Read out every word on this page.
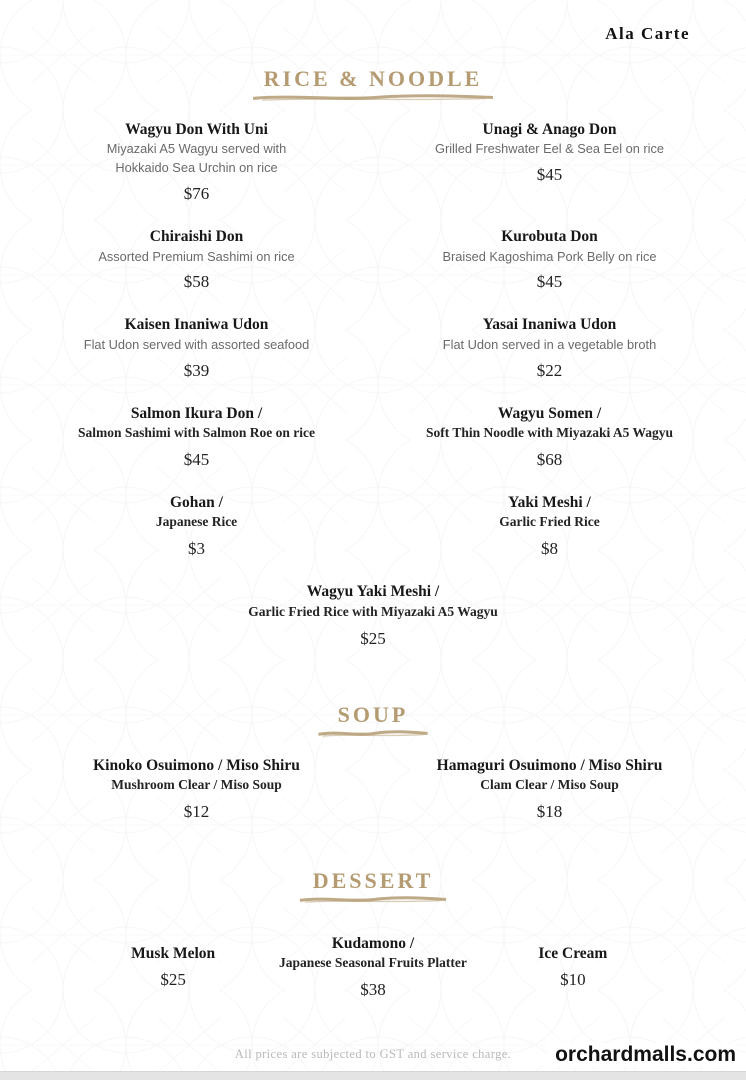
Ala Carte
RICE & NOODLE
Wagyu Don With Uni
Miyazaki A5 Wagyu served with
Hokkaido Sea Urchin on rice
$76
Unagi & Anago Don
Grilled Freshwater Eel & Sea Eel on rice
$45
Chiraishi Don
Assorted Premium Sashimi on rice
$58
Kurobuta Don
Braised Kagoshima Pork Belly on rice
$45
Kaisen Inaniwa Udon
Flat Udon served with assorted seafood
$39
Yasai Inaniwa Udon
Flat Udon served in a vegetable broth
$22
Salmon Ikura Don /
Salmon Sashimi with Salmon Roe on rice
$45
Wagyu Somen /
Soft Thin Noodle with Miyazaki A5 Wagyu
$68
Gohan /
Japanese Rice
$3
Yaki Meshi /
Garlic Fried Rice
$8
Wagyu Yaki Meshi /
Garlic Fried Rice with Miyazaki A5 Wagyu
$25
SOUP
Kinoko Osuimono / Miso Shiru
Mushroom Clear / Miso Soup
$12
Hamaguri Osuimono / Miso Shiru
Clam Clear / Miso Soup
$18
DESSERT
Musk Melon
$25
Kudamono /
Japanese Seasonal Fruits Platter
$38
Ice Cream
$10
All prices are subjected to GST and service charge.	orchardmalls.com
